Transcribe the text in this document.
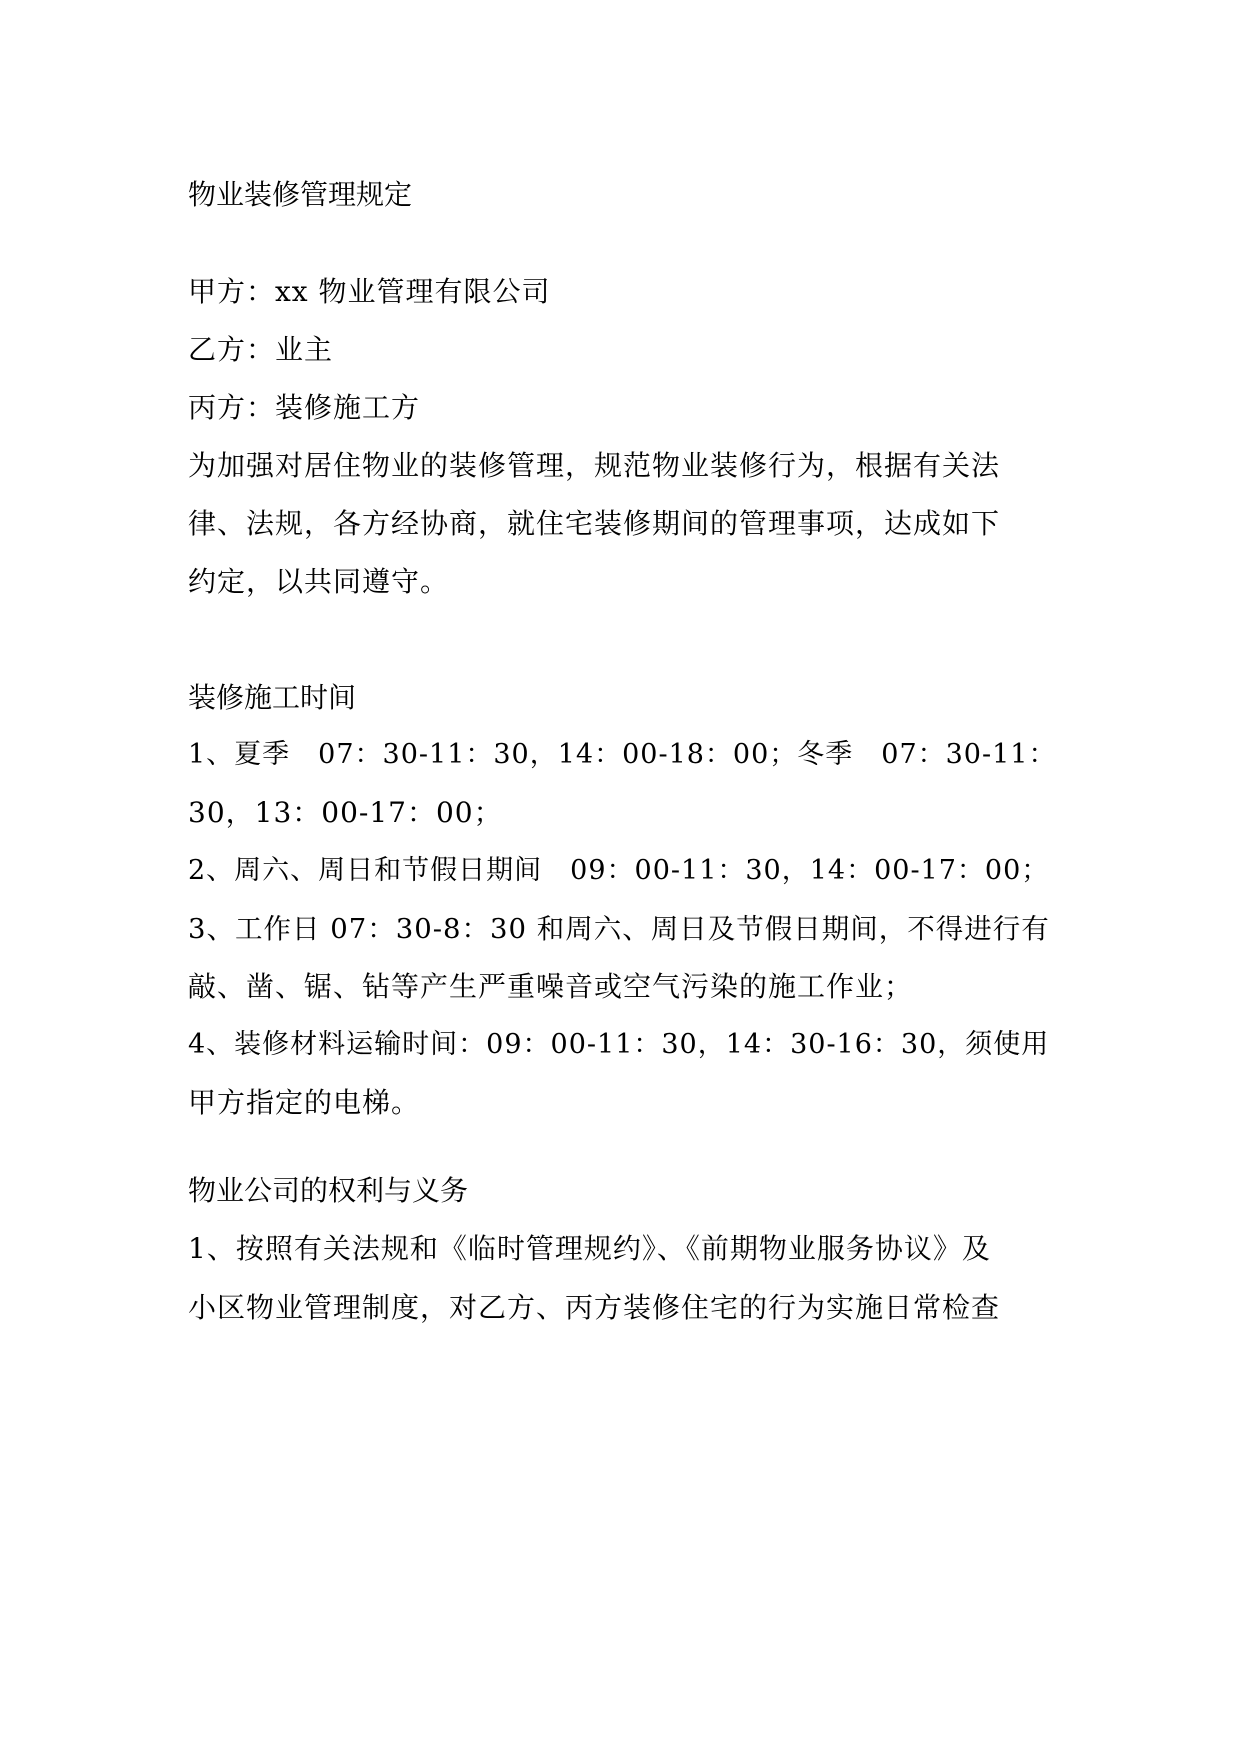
物业装修管理规定
甲方：xx 物业管理有限公司
乙方：业主
丙方：装修施工方
为加强对居住物业的装修管理，规范物业装修行为，根据有关法
律、法规，各方经协商，就住宅装修期间的管理事项，达成如下
约定，以共同遵守。
装修施工时间
1、夏季　07：30-11：30，14：00-18：00；冬季　07：30-11：
30，13：00-17：00；
2、周六、周日和节假日期间　09：00-11：30，14：00-17：00；
3、工作日 07：30-8：30 和周六、周日及节假日期间，不得进行有
敲、凿、锯、钻等产生严重噪音或空气污染的施工作业；
4、装修材料运输时间：09：00-11：30，14：30-16：30，须使用
甲方指定的电梯。
物业公司的权利与义务
1、按照有关法规和《临时管理规约》、《前期物业服务协议》及
小区物业管理制度，对乙方、丙方装修住宅的行为实施日常检查
